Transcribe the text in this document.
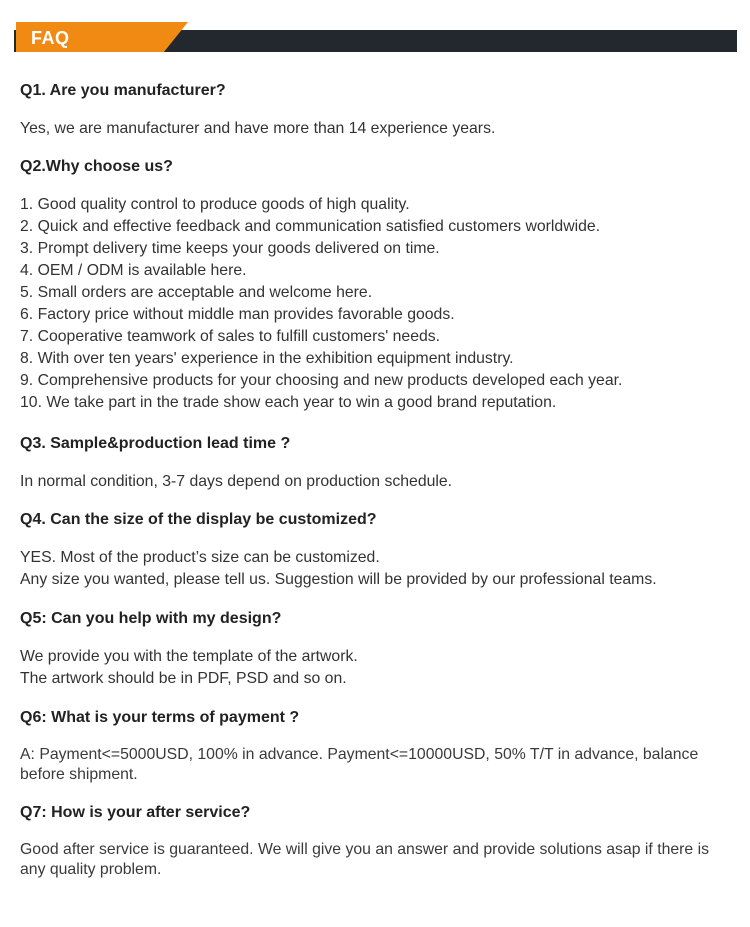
FAQ
Q1. Are you manufacturer?
Yes, we are manufacturer and have more than 14 experience years.
Q2.Why choose us?
1. Good quality control to produce goods of high quality.
2. Quick and effective feedback and communication satisfied customers worldwide.
3. Prompt delivery time keeps your goods delivered on time.
4. OEM / ODM is available here.
5. Small orders are acceptable and welcome here.
6. Factory price without middle man provides favorable goods.
7. Cooperative teamwork of sales to fulfill customers' needs.
8. With over ten years' experience in the exhibition equipment industry.
9. Comprehensive products for your choosing and new products developed each year.
10. We take part in the trade show each year to win a good brand reputation.
Q3. Sample&production lead time ?
In normal condition, 3-7 days depend on production schedule.
Q4. Can the size of the display be customized?
YES. Most of the product’s size can be customized.
Any size you wanted, please tell us. Suggestion will be provided by our professional teams.
Q5: Can you help with my design?
We provide you with the template of the artwork.
The artwork should be in PDF, PSD and so on.
Q6: What is your terms of payment ?
A: Payment<=5000USD, 100% in advance. Payment<=10000USD, 50% T/T in advance, balance before shipment.
Q7: How is your after service?
Good after service is guaranteed. We will give you an answer and provide solutions asap if there is any quality problem.
